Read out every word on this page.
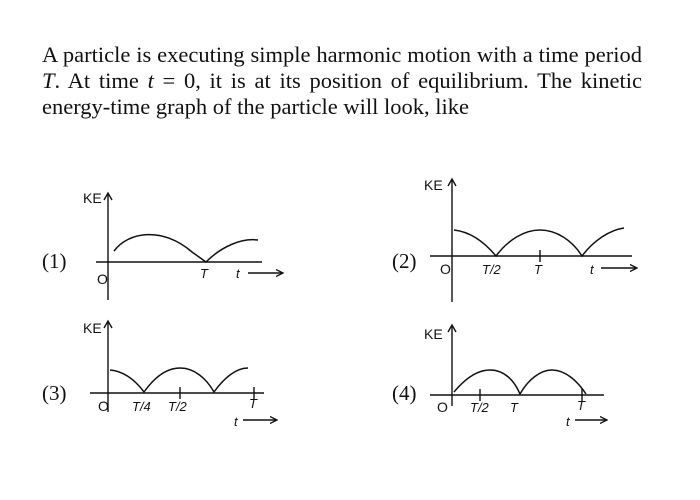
A particle is executing simple harmonic motion with a time period T. At time t = 0, it is at its position of equilibrium. The kinetic energy-time graph of the particle will look, like
(1)
KE
O	T t
(2)
KE
O T/2	T	t
(3)
KE
O T/4 T/2	T
t
(4)
KE
O T/2 T	T
t
